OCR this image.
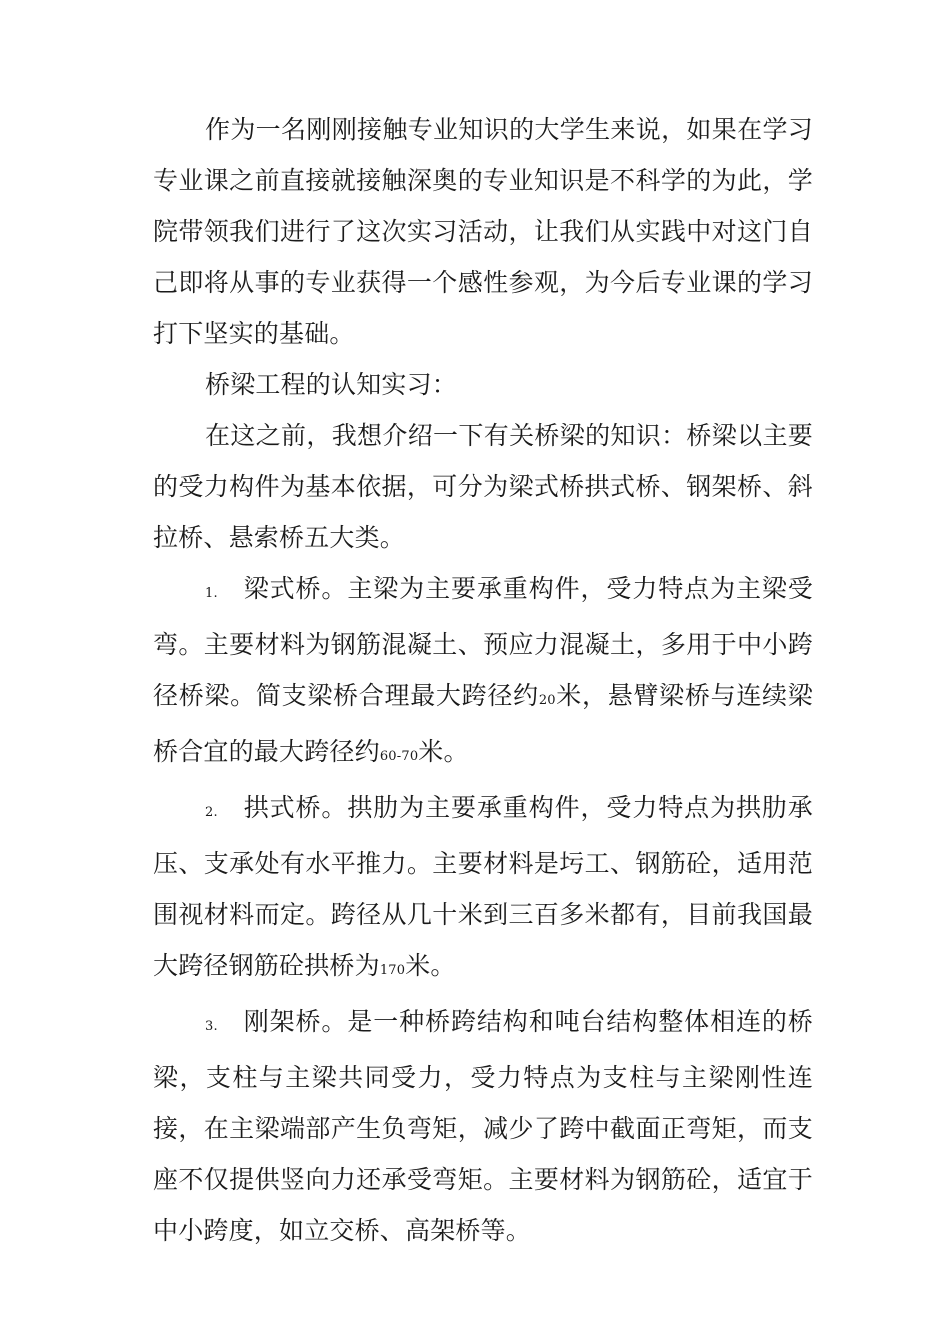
作为一名刚刚接触专业知识的大学生来说，如果在学习专业课之前直接就接触深奥的专业知识是不科学的为此，学院带领我们进行了这次实习活动，让我们从实践中对这门自己即将从事的专业获得一个感性参观，为今后专业课的学习打下坚实的基础。

桥梁工程的认知实习：

在这之前，我想介绍一下有关桥梁的知识：桥梁以主要的受力构件为基本依据，可分为梁式桥拱式桥、钢架桥、斜拉桥、悬索桥五大类。

1. 梁式桥。主梁为主要承重构件，受力特点为主梁受弯。主要材料为钢筋混凝土、预应力混凝土，多用于中小跨径桥梁。简支梁桥合理最大跨径约20米，悬臂梁桥与连续梁桥合宜的最大跨径约60-70米。

2. 拱式桥。拱肋为主要承重构件，受力特点为拱肋承压、支承处有水平推力。主要材料是圬工、钢筋砼，适用范围视材料而定。跨径从几十米到三百多米都有，目前我国最大跨径钢筋砼拱桥为170米。

3. 刚架桥。是一种桥跨结构和吨台结构整体相连的桥梁，支柱与主梁共同受力，受力特点为支柱与主梁刚性连接，在主梁端部产生负弯矩，减少了跨中截面正弯矩，而支座不仅提供竖向力还承受弯矩。主要材料为钢筋砼，适宜于中小跨度，如立交桥、高架桥等。
